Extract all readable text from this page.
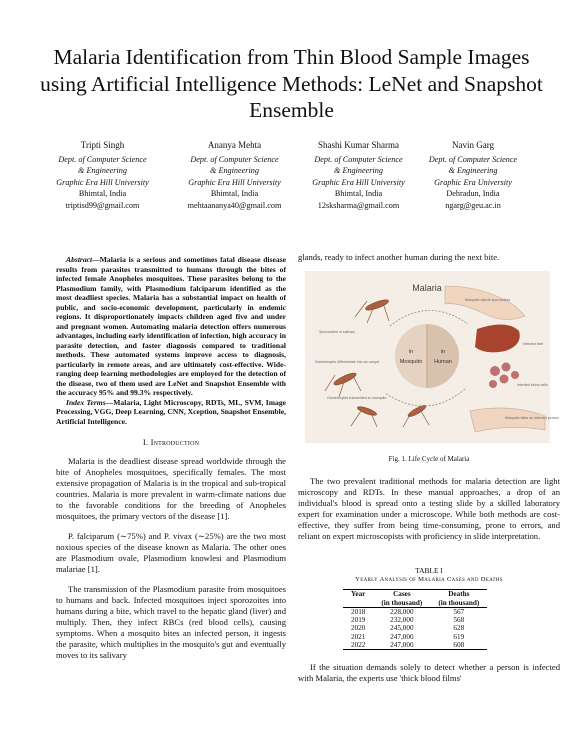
Malaria Identification from Thin Blood Sample Images using Artificial Intelligence Methods: LeNet and Snapshot Ensemble
Tripti Singh
Dept. of Computer Science
& Engineering
Graphic Era Hill University
Bhimtal, India
triptisd99@gmail.com
Ananya Mehta
Dept. of Computer Science
& Engineering
Graphic Era Hill University
Bhimtal, India
mehtaananya40@gmail.com
Shashi Kumar Sharma
Dept. of Computer Science
& Engineering
Graphic Era Hill University
Bhimtal, India
12sksharma@gmail.com
Navin Garg
Dept. of Computer Science
& Engineering
Graphic Era University
Dehradun, India
ngarg@geu.ac.in
Abstract—Malaria is a serious and sometimes fatal disease disease results from parasites transmitted to humans through the bites of infected female Anopheles mosquitoes. These parasites belong to the Plasmodium family, with Plasmodium falciparum identified as the most deadliest species. Malaria has a substantial impact on health of public, and socio-economic development, particularly in endemic regions. It disproportionately impacts children aged five and under and pregnant women. Automating malaria detection offers numerous advantages, including early identification of infection, high accuracy in parasite detection, and faster diagnosis compared to traditional methods. These automated systems improve access to diagnosis, particularly in remote areas, and are ultimately cost-effective. Wide-ranging deep learning methodologies are employed for the detection of the disease, two of them used are LeNet and Snapshot Ensemble with the accuracy 95% and 99.3% respectively.
Index Terms—Malaria, Light Microscopy, RDTs, ML, SVM, Image Processing, VGG, Deep Learning, CNN, Xception, Snapshot Ensemble, Artificial Intelligence.
I. Introduction
Malaria is the deadliest disease spread worldwide through the bite of Anopheles mosquitoes, specifically females. The most extensive propagation of Malaria is in the tropical and sub-tropical countries. Malaria is more prevalent in warm-climate nations due to the favorable conditions for the breeding of Anopheles mosquitoes, the primary vectors of the disease [1].
P. falciparum (∼75%) and P. vivax (∼25%) are the two most noxious species of the disease known as Malaria. The other ones are Plasmodium ovale, Plasmodium knowlesi and Plasmodium malariae [1].
The transmission of the Plasmodium parasite from mosquitoes to humans and back. Infected mosquitoes inject sporozoites into humans during a bite, which travel to the hepatic gland (liver) and multiply. Then, they infect RBCs (red blood cells), causing symptoms. When a mosquito bites an infected person, it ingests the parasite, which multiplies in the mosquito's gut and eventually moves to its salivary
glands, ready to infect another human during the next bite.
Malaria
in
Mosquito
in
Human
Sporozoites in salivary
Gametocytes differentiate into an oocyst
Gametocytes transmitted to mosquito
Mosquito injects sporozoites
Infected liver
Infected blood cells
Mosquito bites an infected person
Fig. 1. Life Cycle of Malaria
The two prevalent traditional methods for malaria detection are light microscopy and RDTs. In these manual approaches, a drop of an individual's blood is spread onto a testing slide by a skilled laboratory expert for examination under a microscope. While both methods are cost-effective, they suffer from being time-consuming, prone to errors, and reliant on expert microscopists with proficiency in slide interpretation.
TABLE I
Yearly Analysis of Malaria Cases and Deaths
Year	Cases	Deaths
	(in thousand)	(in thousand)
2018	228,000	567
2019	232,000	568
2020	245,000	628
2021	247,000	619
2022	247,000	608
If the situation demands solely to detect whether a person is infected with Malaria, the experts use 'thick blood films'
